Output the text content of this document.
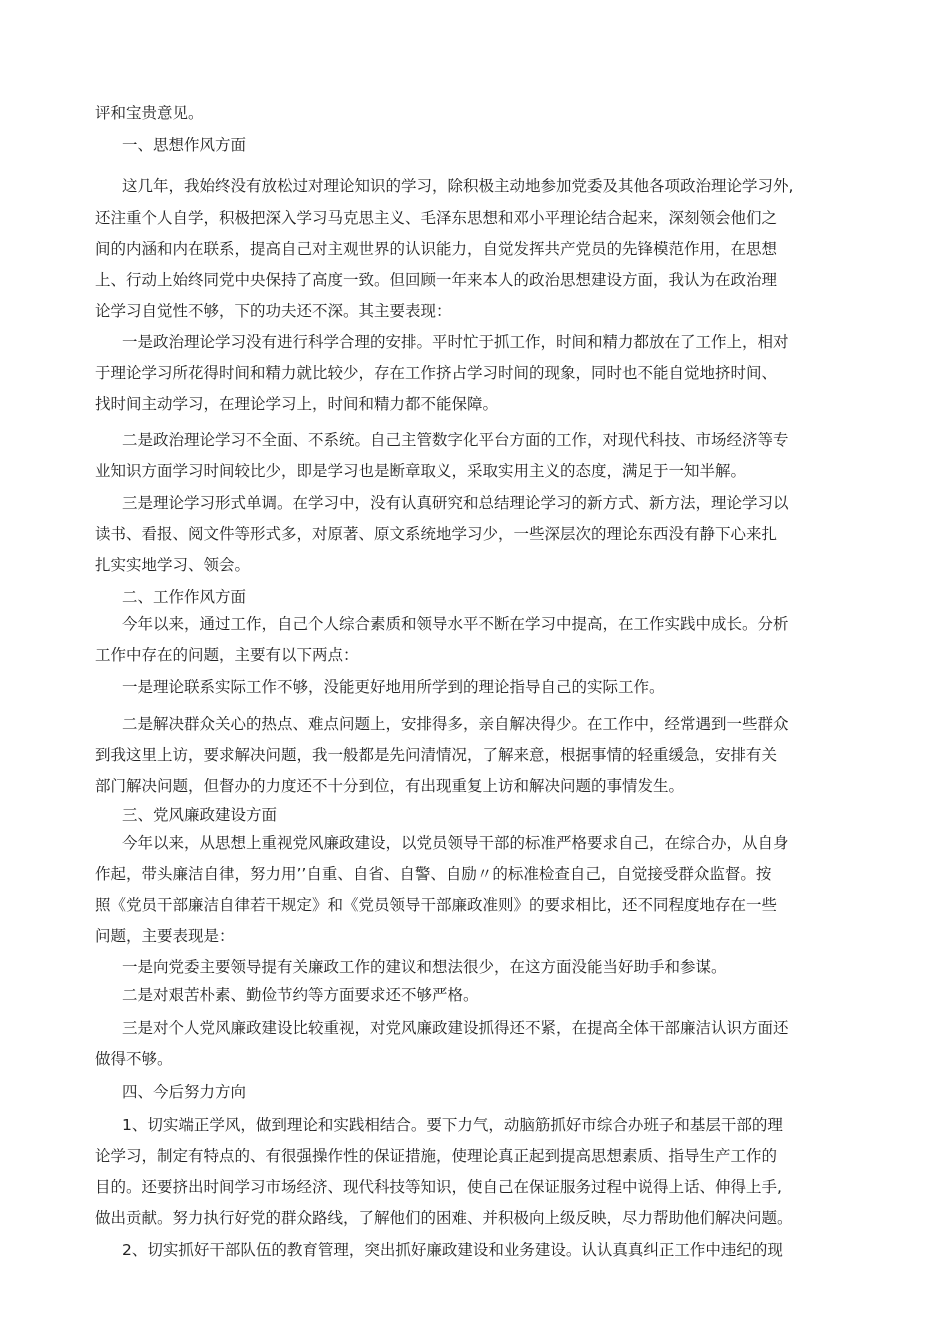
评和宝贵意见。
一、思想作风方面
这几年，我始终没有放松过对理论知识的学习，除积极主动地参加党委及其他各项政治理论学习外,
还注重个人自学，积极把深入学习马克思主义、毛泽东思想和邓小平理论结合起来，深刻领会他们之
间的内涵和内在联系，提高自己对主观世界的认识能力，自觉发挥共产党员的先锋模范作用，在思想
上、行动上始终同党中央保持了高度一致。但回顾一年来本人的政治思想建设方面，我认为在政治理
论学习自觉性不够，下的功夫还不深。其主要表现：
一是政治理论学习没有进行科学合理的安排。平时忙于抓工作，时间和精力都放在了工作上，相对
于理论学习所花得时间和精力就比较少，存在工作挤占学习时间的现象，同时也不能自觉地挤时间、
找时间主动学习，在理论学习上，时间和精力都不能保障。
二是政治理论学习不全面、不系统。自己主管数字化平台方面的工作，对现代科技、市场经济等专
业知识方面学习时间较比少，即是学习也是断章取义，采取实用主义的态度，满足于一知半解。
三是理论学习形式单调。在学习中，没有认真研究和总结理论学习的新方式、新方法，理论学习以
读书、看报、阅文件等形式多，对原著、原文系统地学习少，一些深层次的理论东西没有静下心来扎
扎实实地学习、领会。
二、工作作风方面
今年以来，通过工作，自己个人综合素质和领导水平不断在学习中提高，在工作实践中成长。分析
工作中存在的问题，主要有以下两点：
一是理论联系实际工作不够，没能更好地用所学到的理论指导自己的实际工作。
二是解决群众关心的热点、难点问题上，安排得多，亲自解决得少。在工作中，经常遇到一些群众
到我这里上访，要求解决问题，我一般都是先问清情况，了解来意，根据事情的轻重缓急，安排有关
部门解决问题，但督办的力度还不十分到位，有出现重复上访和解决问题的事情发生。
三、党风廉政建设方面
今年以来，从思想上重视党风廉政建设，以党员领导干部的标准严格要求自己，在综合办，从自身
作起，带头廉洁自律，努力用’’自重、自省、自警、自励〃的标准检查自己，自觉接受群众监督。按
照《党员干部廉洁自律若干规定》和《党员领导干部廉政准则》的要求相比，还不同程度地存在一些
问题，主要表现是：
一是向党委主要领导提有关廉政工作的建议和想法很少，在这方面没能当好助手和参谋。
二是对艰苦朴素、勤俭节约等方面要求还不够严格。
三是对个人党风廉政建设比较重视，对党风廉政建设抓得还不紧，在提高全体干部廉洁认识方面还
做得不够。
四、今后努力方向
1、切实端正学风，做到理论和实践相结合。要下力气，动脑筋抓好市综合办班子和基层干部的理
论学习，制定有特点的、有很强操作性的保证措施，使理论真正起到提高思想素质、指导生产工作的
目的。还要挤出时间学习市场经济、现代科技等知识，使自己在保证服务过程中说得上话、伸得上手,
做出贡献。努力执行好党的群众路线，了解他们的困难、并积极向上级反映，尽力帮助他们解决问题。
2、切实抓好干部队伍的教育管理，突出抓好廉政建设和业务建设。认认真真纠正工作中违纪的现
